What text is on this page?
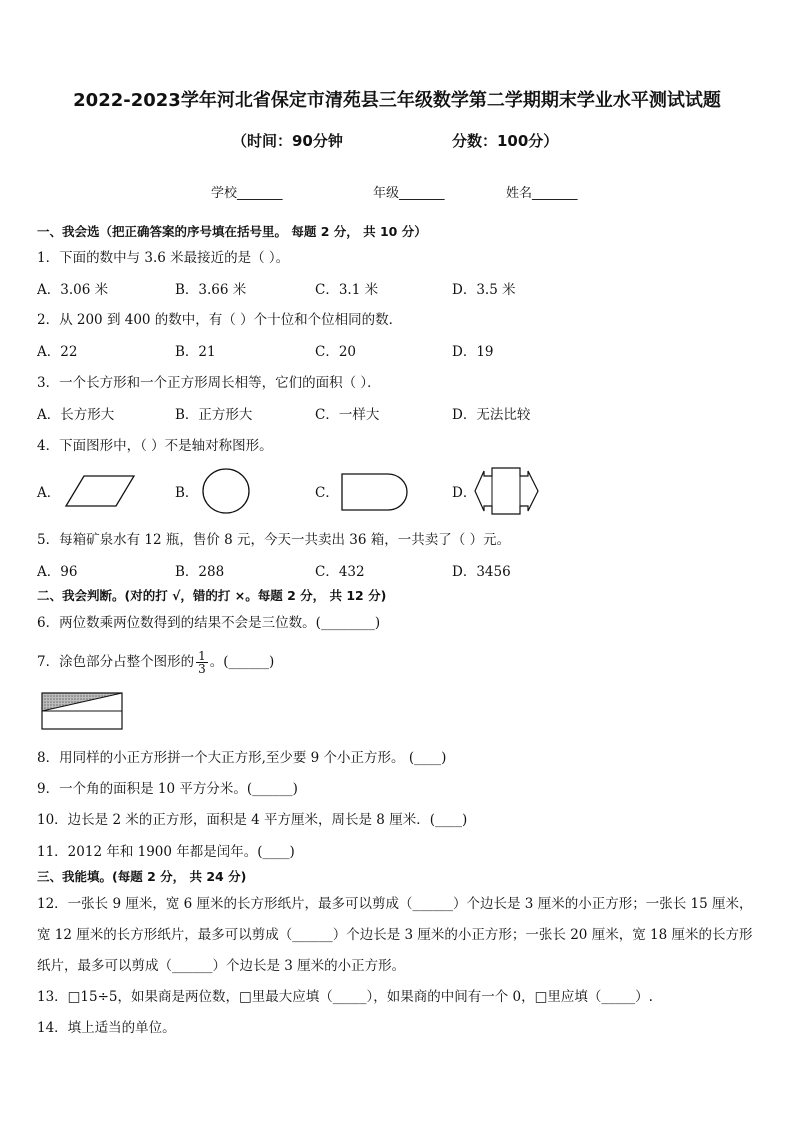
2022-2023学年河北省保定市清苑县三年级数学第二学期期末学业水平测试试题
（时间：90分钟	分数：100分）
学校_______	年级_______	姓名_______
一、我会选（把正确答案的序号填在括号里。 每题 2 分， 共 10 分）
1．下面的数中与 3.6 米最接近的是（ ）。
A．3.06 米	B．3.66 米	C．3.1 米	D．3.5 米
2．从 200 到 400 的数中，有（ ）个十位和个位相同的数．
A．22	B．21	C．20	D．19
3．一个长方形和一个正方形周长相等，它们的面积（ ）．
A．长方形大	B．正方形大	C．一样大	D．无法比较
4．下面图形中，（ ）不是轴对称图形。
A．	B．	C．	D．
5．每箱矿泉水有 12 瓶，售价 8 元，今天一共卖出 36 箱，一共卖了（ ）元。
A．96	B．288	C．432	D．3456
二、我会判断。(对的打 √，错的打 ×。每题 2 分， 共 12 分)
6．两位数乘两位数得到的结果不会是三位数。(________)
7．涂色部分占整个图形的 $\frac{1}{3}$ 。(______)
8．用同样的小正方形拼一个大正方形,至少要 9 个小正方形。 (____)
9．一个角的面积是 10 平方分米。(______)
10．边长是 2 米的正方形，面积是 4 平方厘米，周长是 8 厘米．(____)
11．2012 年和 1900 年都是闰年。(____)
三、我能填。(每题 2 分， 共 24 分)
12．一张长 9 厘米，宽 6 厘米的长方形纸片，最多可以剪成（______）个边长是 3 厘米的小正方形；一张长 15 厘米，
宽 12 厘米的长方形纸片，最多可以剪成（______）个边长是 3 厘米的小正方形；一张长 20 厘米，宽 18 厘米的长方形
纸片，最多可以剪成（______）个边长是 3 厘米的小正方形。
13．□15÷5，如果商是两位数，□里最大应填（_____），如果商的中间有一个 0，□里应填（_____）.
14．填上适当的单位。
